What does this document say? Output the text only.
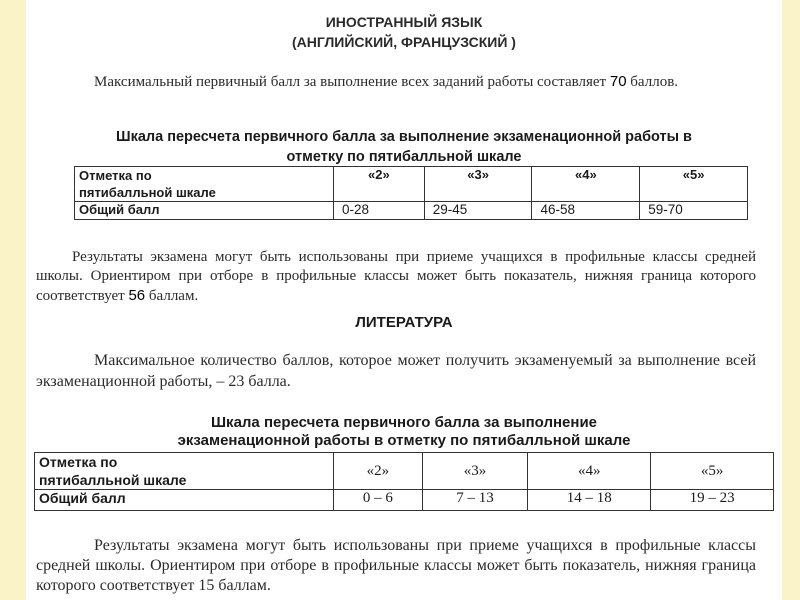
ИНОСТРАННЫЙ ЯЗЫК
(АНГЛИЙСКИЙ, ФРАНЦУЗСКИЙ )
Максимальный первичный балл за выполнение всех заданий работы составляет 70 баллов.
Шкала пересчета первичного балла за выполнение экзаменационной работы в
отметку по пятибалльной шкале
Отметка по
пятибалльной шкале	«2»	«3»	«4»	«5»
Общий балл	0-28	29-45	46-58	59-70
Результаты экзамена могут быть использованы при приеме учащихся в профильные классы средней школы. Ориентиром при отборе в профильные классы может быть показатель, нижняя граница которого соответствует 56 баллам.
ЛИТЕРАТУРА
Максимальное количество баллов, которое может получить экзаменуемый за выполнение всей экзаменационной работы, – 23 балла.
Шкала пересчета первичного балла за выполнение
экзаменационной работы в отметку по пятибалльной шкале
Отметка по
пятибалльной шкале	«2»	«3»	«4»	«5»
Общий балл	0 – 6	7 – 13	14 – 18	19 – 23
Результаты экзамена могут быть использованы при приеме учащихся в профильные классы средней школы. Ориентиром при отборе в профильные классы может быть показатель, нижняя граница которого соответствует 15 баллам.
